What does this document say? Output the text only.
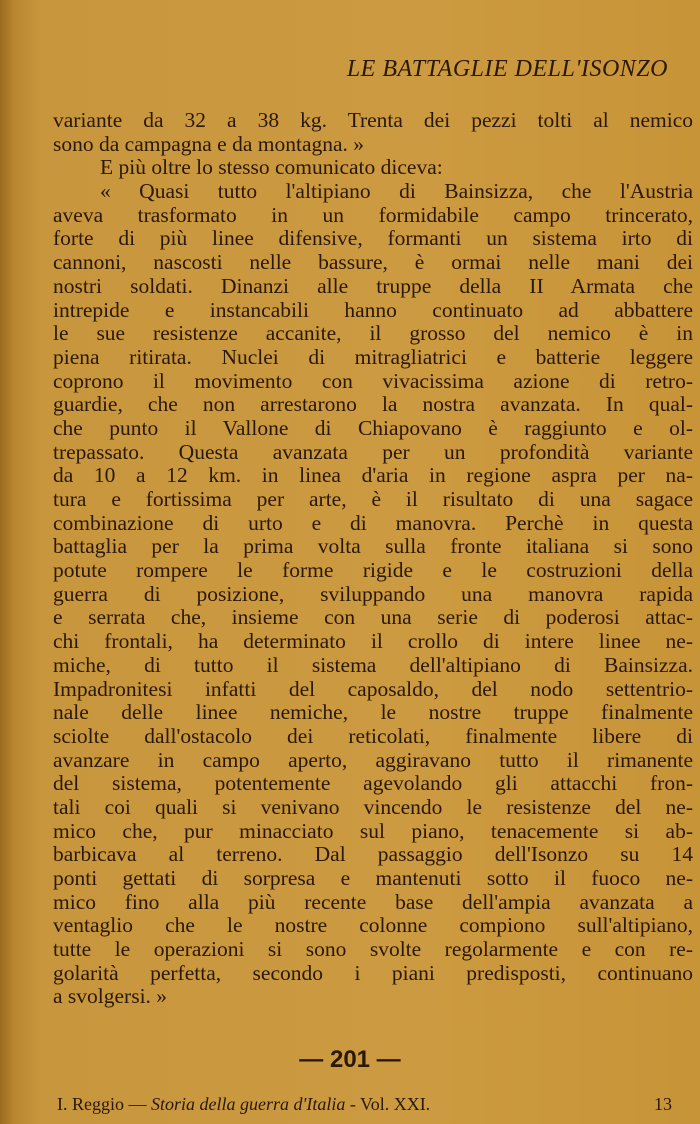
LE BATTAGLIE DELL'ISONZO
variante da 32 a 38 kg. Trenta dei pezzi tolti al nemico
sono da campagna e da montagna. »
E più oltre lo stesso comunicato diceva:
« Quasi tutto l'altipiano di Bainsizza, che l'Austria
aveva trasformato in un formidabile campo trincerato,
forte di più linee difensive, formanti un sistema irto di
cannoni, nascosti nelle bassure, è ormai nelle mani dei
nostri soldati. Dinanzi alle truppe della II Armata che
intrepide e instancabili hanno continuato ad abbattere
le sue resistenze accanite, il grosso del nemico è in
piena ritirata. Nuclei di mitragliatrici e batterie leggere
coprono il movimento con vivacissima azione di retro-
guardie, che non arrestarono la nostra avanzata. In qual-
che punto il Vallone di Chiapovano è raggiunto e ol-
trepassato. Questa avanzata per un profondità variante
da 10 a 12 km. in linea d'aria in regione aspra per na-
tura e fortissima per arte, è il risultato di una sagace
combinazione di urto e di manovra. Perchè in questa
battaglia per la prima volta sulla fronte italiana si sono
potute rompere le forme rigide e le costruzioni della
guerra di posizione, sviluppando una manovra rapida
e serrata che, insieme con una serie di poderosi attac-
chi frontali, ha determinato il crollo di intere linee ne-
miche, di tutto il sistema dell'altipiano di Bainsizza.
Impadronitesi infatti del caposaldo, del nodo settentrio-
nale delle linee nemiche, le nostre truppe finalmente
sciolte dall'ostacolo dei reticolati, finalmente libere di
avanzare in campo aperto, aggiravano tutto il rimanente
del sistema, potentemente agevolando gli attacchi fron-
tali coi quali si venivano vincendo le resistenze del ne-
mico che, pur minacciato sul piano, tenacemente si ab-
barbicava al terreno. Dal passaggio dell'Isonzo su 14
ponti gettati di sorpresa e mantenuti sotto il fuoco ne-
mico fino alla più recente base dell'ampia avanzata a
ventaglio che le nostre colonne compiono sull'altipiano,
tutte le operazioni si sono svolte regolarmente e con re-
golarità perfetta, secondo i piani predisposti, continuano
a svolgersi. »
— 201 —
I. Reggio — Storia della guerra d'Italia - Vol. XXI.	13
